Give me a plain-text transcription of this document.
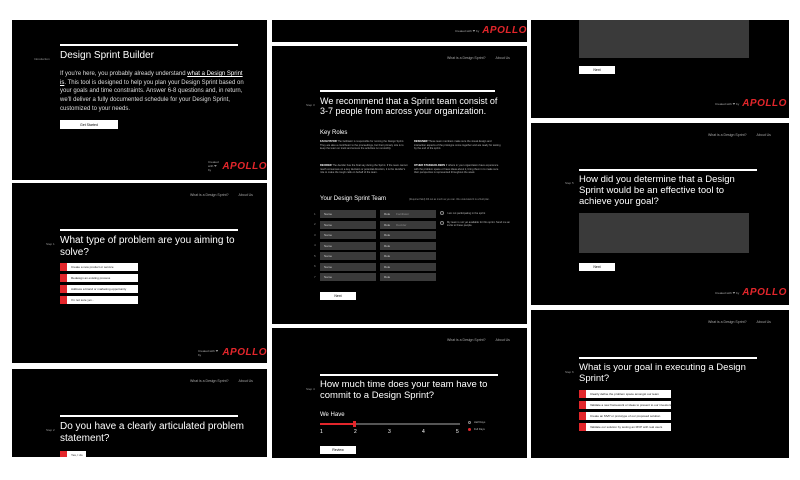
Introduction Design Sprint Builder
If you're here, you probably already understand what a Design Sprint is. This tool is designed to help you plan your Design Sprint based on your goals and time constraints. Answer 6-8 questions and, in return, we'll deliver a fully documented schedule for your Design Sprint, customized to your needs.
Get Started
Created with ❤ by	APOLLO
What is a Design Sprint?	About Us
Step 1 What type of problem are you aiming to solve?
Create a new product or service
Redesign an existing process
Address a brand or marketing opportunity
I'm not sure yet...
Created with ❤ by	APOLLO
What is a Design Sprint?	About Us
Step 2 Do you have a clearly articulated problem statement?
Yes, I do
Created with ❤ by APOLLO
What is a Design Sprint?	About Us
Step 3 We recommend that a Sprint team consist of 3-7 people from across your organization.
Key Roles
FACILITATOR The facilitator is responsible for running the Design Sprint. They are also a contributor to the proceedings, but their primary role is to keep the team on track and ensure the activities run smoothly.
DECIDER The decider has the final say during the Sprint. If the team cannot reach consensus on a key decision or potential direction, it is the decider's role to make the tough calls on behalf of the team.
DESIGNER These team members make sure the visual design and interaction aspects of the prototype come together and are ready for testing by the end of the sprint.
OTHER STAKEHOLDERS If others in your organization have experience with the problem space or have ideas about it, bring them in to make sure their perspective is represented throughout the week.
Your Design Sprint Team	(Required field) Fill out as much as you can. We understand it is a fluid plan.
1	Name	Role Facilitator
2	Name	Role Decider
3	Name	Role
4	Name	Role
5	Name	Role
6	Name	Role
7	Name	Role
I am not participating in the sprint
My team is not yet available for this sprint. Send me an invite to these people.
Next
What is a Design Sprint?	About Us
Step 4 How much time does your team have to commit to a Design Sprint?
We Have
1	2	3	4	5
Half Days
Full Days
Review
Next
Created with ❤ by APOLLO
What is a Design Sprint?	About Us
Step 5 How did you determine that a Design Sprint would be an effective tool to achieve your goal?
Next
Created with ❤ by APOLLO
What is a Design Sprint?	About Us
Step 6 What is your goal in executing a Design Sprint?
Clearly define the problem space amongst our team
Validate a new framework or ideas to present to our investors
Create an MVP or prototype of our proposed solution
Validate our solution by testing an MVP with real users
